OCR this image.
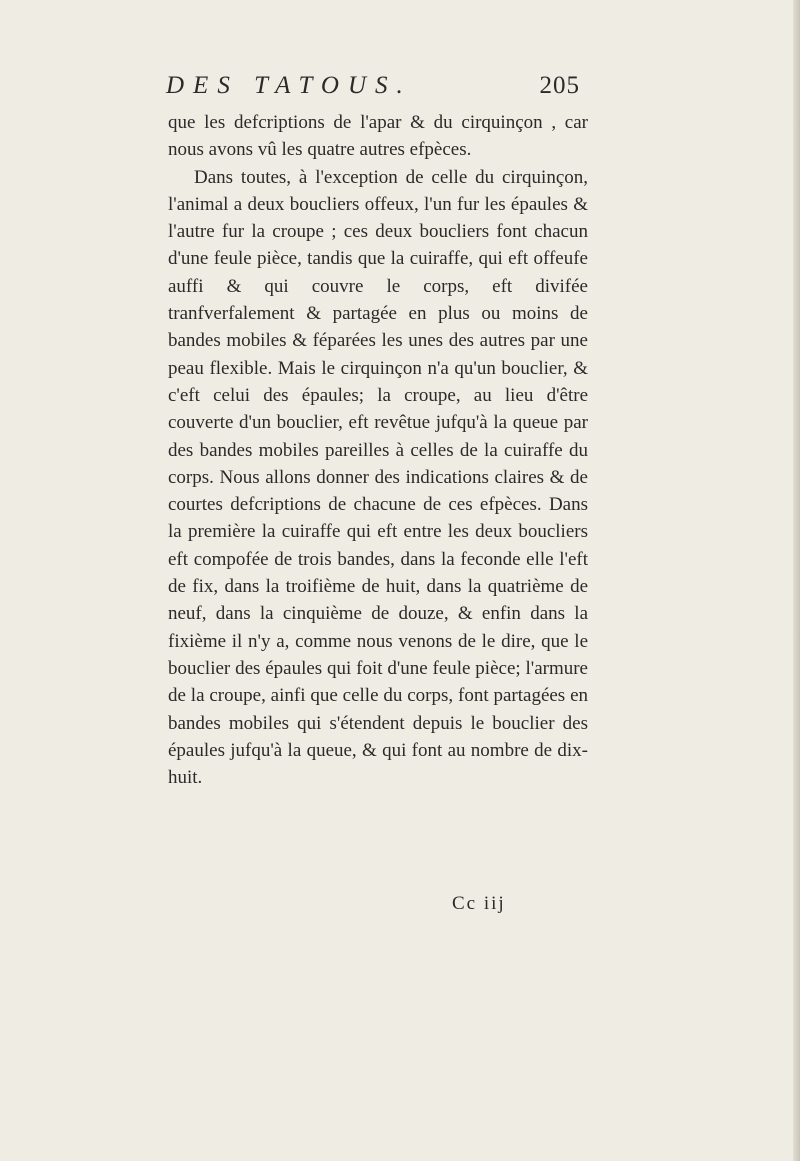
DES TATOUS.	205

que les defcriptions de l'apar & du cirquinçon , car nous avons vû les quatre autres efpèces.

Dans toutes, à l'exception de celle du cirquinçon, l'animal a deux boucliers offeux, l'un fur les épaules & l'autre fur la croupe ; ces deux boucliers font chacun d'une feule pièce, tandis que la cuiraffe, qui eft offeufe auffi & qui couvre le corps, eft divifée tranfverfalement & partagée en plus ou moins de bandes mobiles & féparées les unes des autres par une peau flexible. Mais le cirquinçon n'a qu'un bouclier, & c'eft celui des épaules; la croupe, au lieu d'être couverte d'un bouclier, eft revêtue jufqu'à la queue par des bandes mobiles pareilles à celles de la cuiraffe du corps. Nous allons donner des indications claires & de courtes defcriptions de chacune de ces efpèces. Dans la première la cuiraffe qui eft entre les deux boucliers eft compofée de trois bandes, dans la feconde elle l'eft de fix, dans la troifième de huit, dans la quatrième de neuf, dans la cinquième de douze, & enfin dans la fixième il n'y a, comme nous venons de le dire, que le bouclier des épaules qui foit d'une feule pièce; l'armure de la croupe, ainfi que celle du corps, font partagées en bandes mobiles qui s'étendent depuis le bouclier des épaules jufqu'à la queue, & qui font au nombre de dix-huit.

Cc iij
